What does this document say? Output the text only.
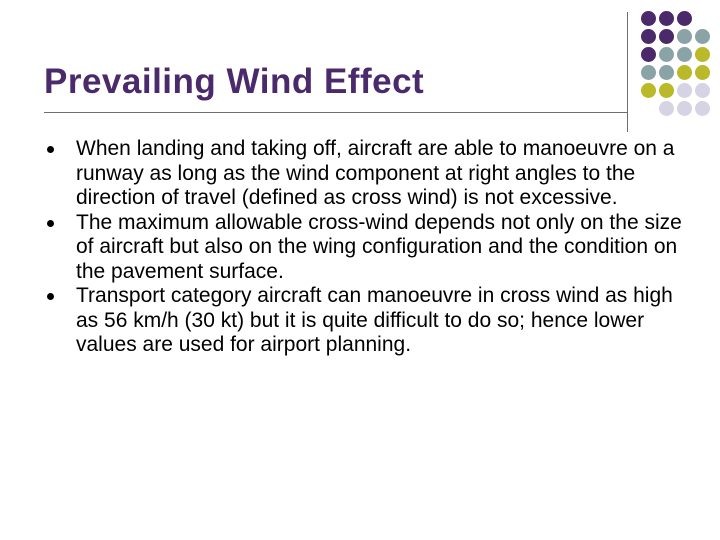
Prevailing Wind Effect
When landing and taking off, aircraft are able to manoeuvre on a runway as long as the wind component at right angles to the direction of travel (defined as cross wind) is not excessive.
The maximum allowable cross-wind depends not only on the size of aircraft but also on the wing configuration and the condition on the pavement surface.
Transport category aircraft can manoeuvre in cross wind as high as 56 km/h (30 kt) but it is quite difficult to do so; hence lower values are used for airport planning.
